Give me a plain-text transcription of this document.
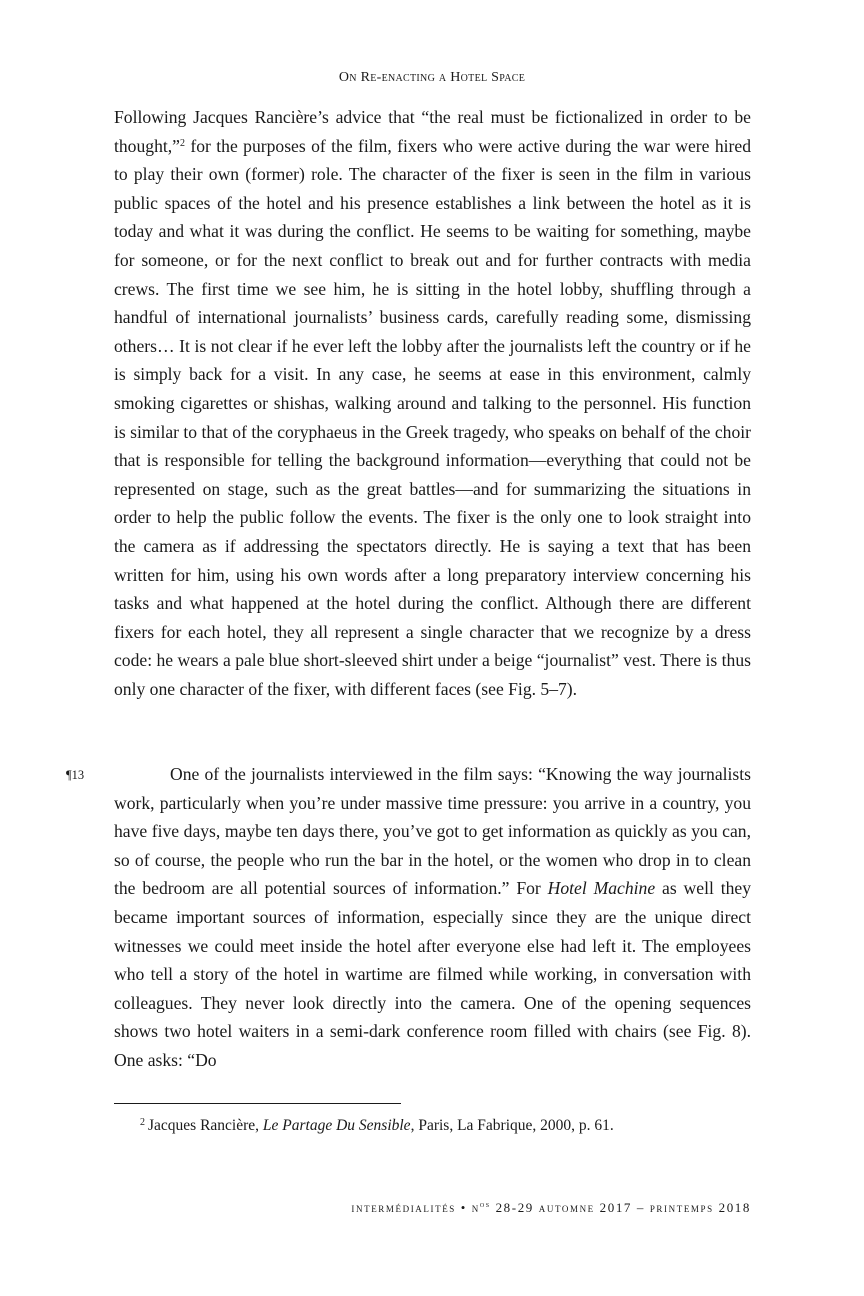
On Re-enacting a Hotel Space
Following Jacques Rancière’s advice that “the real must be fictionalized in order to be thought,”$^2$ for the purposes of the film, fixers who were active during the war were hired to play their own (former) role. The character of the fixer is seen in the film in various public spaces of the hotel and his presence establishes a link between the hotel as it is today and what it was during the conflict. He seems to be waiting for something, maybe for someone, or for the next conflict to break out and for further contracts with media crews. The first time we see him, he is sitting in the hotel lobby, shuffling through a handful of international journalists’ business cards, carefully reading some, dismissing others… It is not clear if he ever left the lobby after the journalists left the country or if he is simply back for a visit. In any case, he seems at ease in this environment, calmly smoking cigarettes or shishas, walking around and talking to the personnel. His function is similar to that of the coryphaeus in the Greek tragedy, who speaks on behalf of the choir that is responsible for telling the background information—everything that could not be represented on stage, such as the great battles—and for summarizing the situations in order to help the public follow the events. The fixer is the only one to look straight into the camera as if addressing the spectators directly. He is saying a text that has been written for him, using his own words after a long preparatory interview concerning his tasks and what happened at the hotel during the conflict. Although there are different fixers for each hotel, they all represent a single character that we recognize by a dress code: he wears a pale blue short-sleeved shirt under a beige “journalist” vest. There is thus only one character of the fixer, with different faces (see Fig. 5–7).
¶13	One of the journalists interviewed in the film says: “Knowing the way journalists work, particularly when you’re under massive time pressure: you arrive in a country, you have five days, maybe ten days there, you’ve got to get information as quickly as you can, so of course, the people who run the bar in the hotel, or the women who drop in to clean the bedroom are all potential sources of information.” For Hotel Machine as well they became important sources of information, especially since they are the unique direct witnesses we could meet inside the hotel after everyone else had left it. The employees who tell a story of the hotel in wartime are filmed while working, in conversation with colleagues. They never look directly into the camera. One of the opening sequences shows two hotel waiters in a semi-dark conference room filled with chairs (see Fig. 8). One asks: “Do
$^2$ Jacques Rancière, Le Partage Du Sensible, Paris, La Fabrique, 2000, p. 61.
intermédialités • $n^{os}$ 28-29 automne 2017 – printemps 2018
